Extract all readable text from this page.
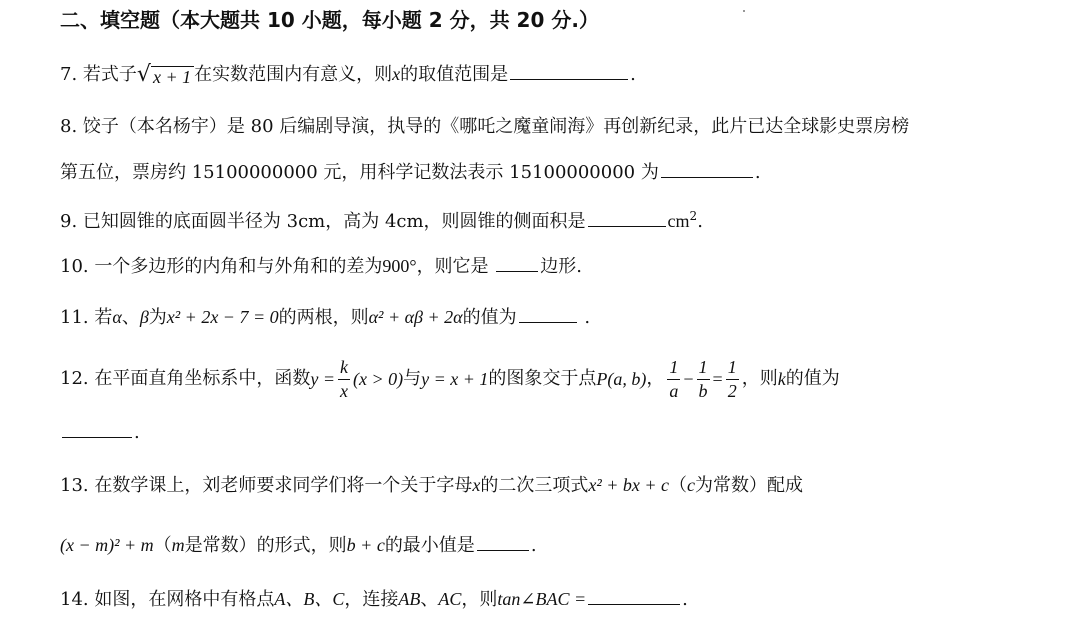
二、填空题（本大题共 10 小题，每小题 2 分，共 20 分.）
7. 若式子 √ x + 1 在实数范围内有意义，则x的取值范围是	.
8. 饺子（本名杨宇）是 80 后编剧导演，执导的《哪吒之魔童闹海》再创新纪录，此片已达全球影史票房榜
第五位，票房约 15100000000 元，用科学记数法表示 15100000000 为	.
9. 已知圆锥的底面圆半径为 3cm，高为 4cm，则圆锥的侧面积是	$cm^2$.
10. 一个多边形的内角和与外角和的差为900°，则它是	边形.
11. 若α、β为x² + 2x − 7 = 0的两根，则α² + αβ + 2α的值为	.
12. 在平面直角坐标系中，函数 $y = \frac{k}{x} (x > 0)$ 与 y = x + 1 的图象交于点 P(a, b) ， $\frac{1}{a} - \frac{1}{b} = \frac{1}{2}$ ，则 k 的值为
.
13. 在数学课上，刘老师要求同学们将一个关于字母x的二次三项式x² + bx + c（c为常数）配成
(x − m)² + m（m是常数）的形式，则b + c的最小值是	.
14. 如图，在网格中有格点A、B、C，连接AB、AC，则tan∠BAC =	.
